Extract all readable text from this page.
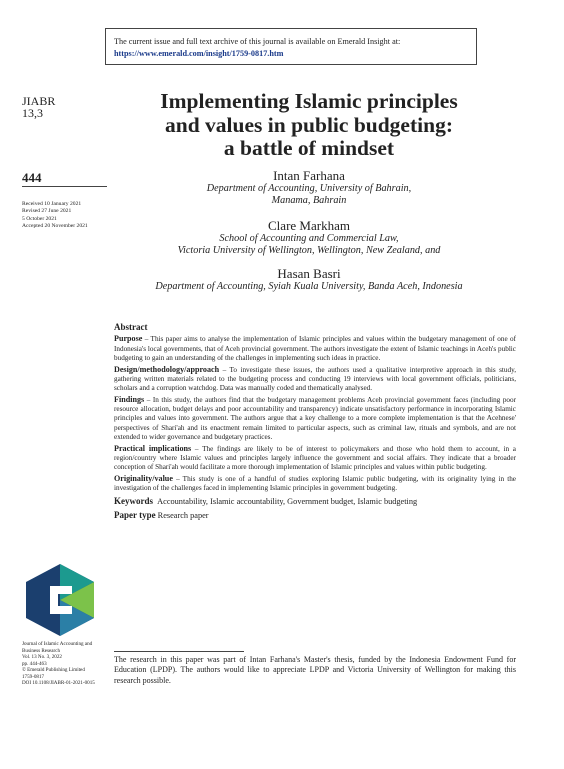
The current issue and full text archive of this journal is available on Emerald Insight at:
https://www.emerald.com/insight/1759-0817.htm
JIABR
13,3
444
Received 10 January 2021
Revised 27 June 2021
5 October 2021
Accepted 20 November 2021
Implementing Islamic principles
and values in public budgeting:
a battle of mindset
Intan Farhana
Department of Accounting, University of Bahrain,
Manama, Bahrain
Clare Markham
School of Accounting and Commercial Law,
Victoria University of Wellington, Wellington, New Zealand, and
Hasan Basri
Department of Accounting, Syiah Kuala University, Banda Aceh, Indonesia
Abstract
Purpose – This paper aims to analyse the implementation of Islamic principles and values within the budgetary management of one of Indonesia's local governments, that of Aceh provincial government. The authors investigate the extent of Islamic teachings in Aceh's public budgeting to gain an understanding of the challenges in implementing such ideas in practice.
Design/methodology/approach – To investigate these issues, the authors used a qualitative interpretive approach in this study, gathering written materials related to the budgeting process and conducting 19 interviews with local government officials, politicians, scholars and a corruption watchdog. Data was manually coded and thematically analysed.
Findings – In this study, the authors find that the budgetary management problems Aceh provincial government faces (including poor resource allocation, budget delays and poor accountability and transparency) indicate unsatisfactory performance in incorporating Islamic principles and values into government. The authors argue that a key challenge to a more complete implementation is that the Acehnese' perspectives of Shari'ah and its enactment remain limited to particular aspects, such as criminal law, rituals and symbols, and are not extended to wider governance and budgetary practices.
Practical implications – The findings are likely to be of interest to policymakers and those who hold them to account, in a region/country where Islamic values and principles largely influence the government and social affairs. They indicate that a broader conception of Shari'ah would facilitate a more thorough implementation of Islamic principles and values within public budgeting.
Originality/value – This study is one of a handful of studies exploring Islamic public budgeting, with its originality lying in the investigation of the challenges faced in implementing Islamic principles in government budgeting.
Keywords Accountability, Islamic accountability, Government budget, Islamic budgeting
Paper type Research paper
Journal of Islamic Accounting and
Business Research
Vol. 13 No. 3, 2022
pp. 444-463
© Emerald Publishing Limited
1759-0817
DOI 10.1108/JIABR-01-2021-0015
The research in this paper was part of Intan Farhana's Master's thesis, funded by the Indonesia Endowment Fund for Education (LPDP). The authors would like to appreciate LPDP and Victoria University of Wellington for making this research possible.
